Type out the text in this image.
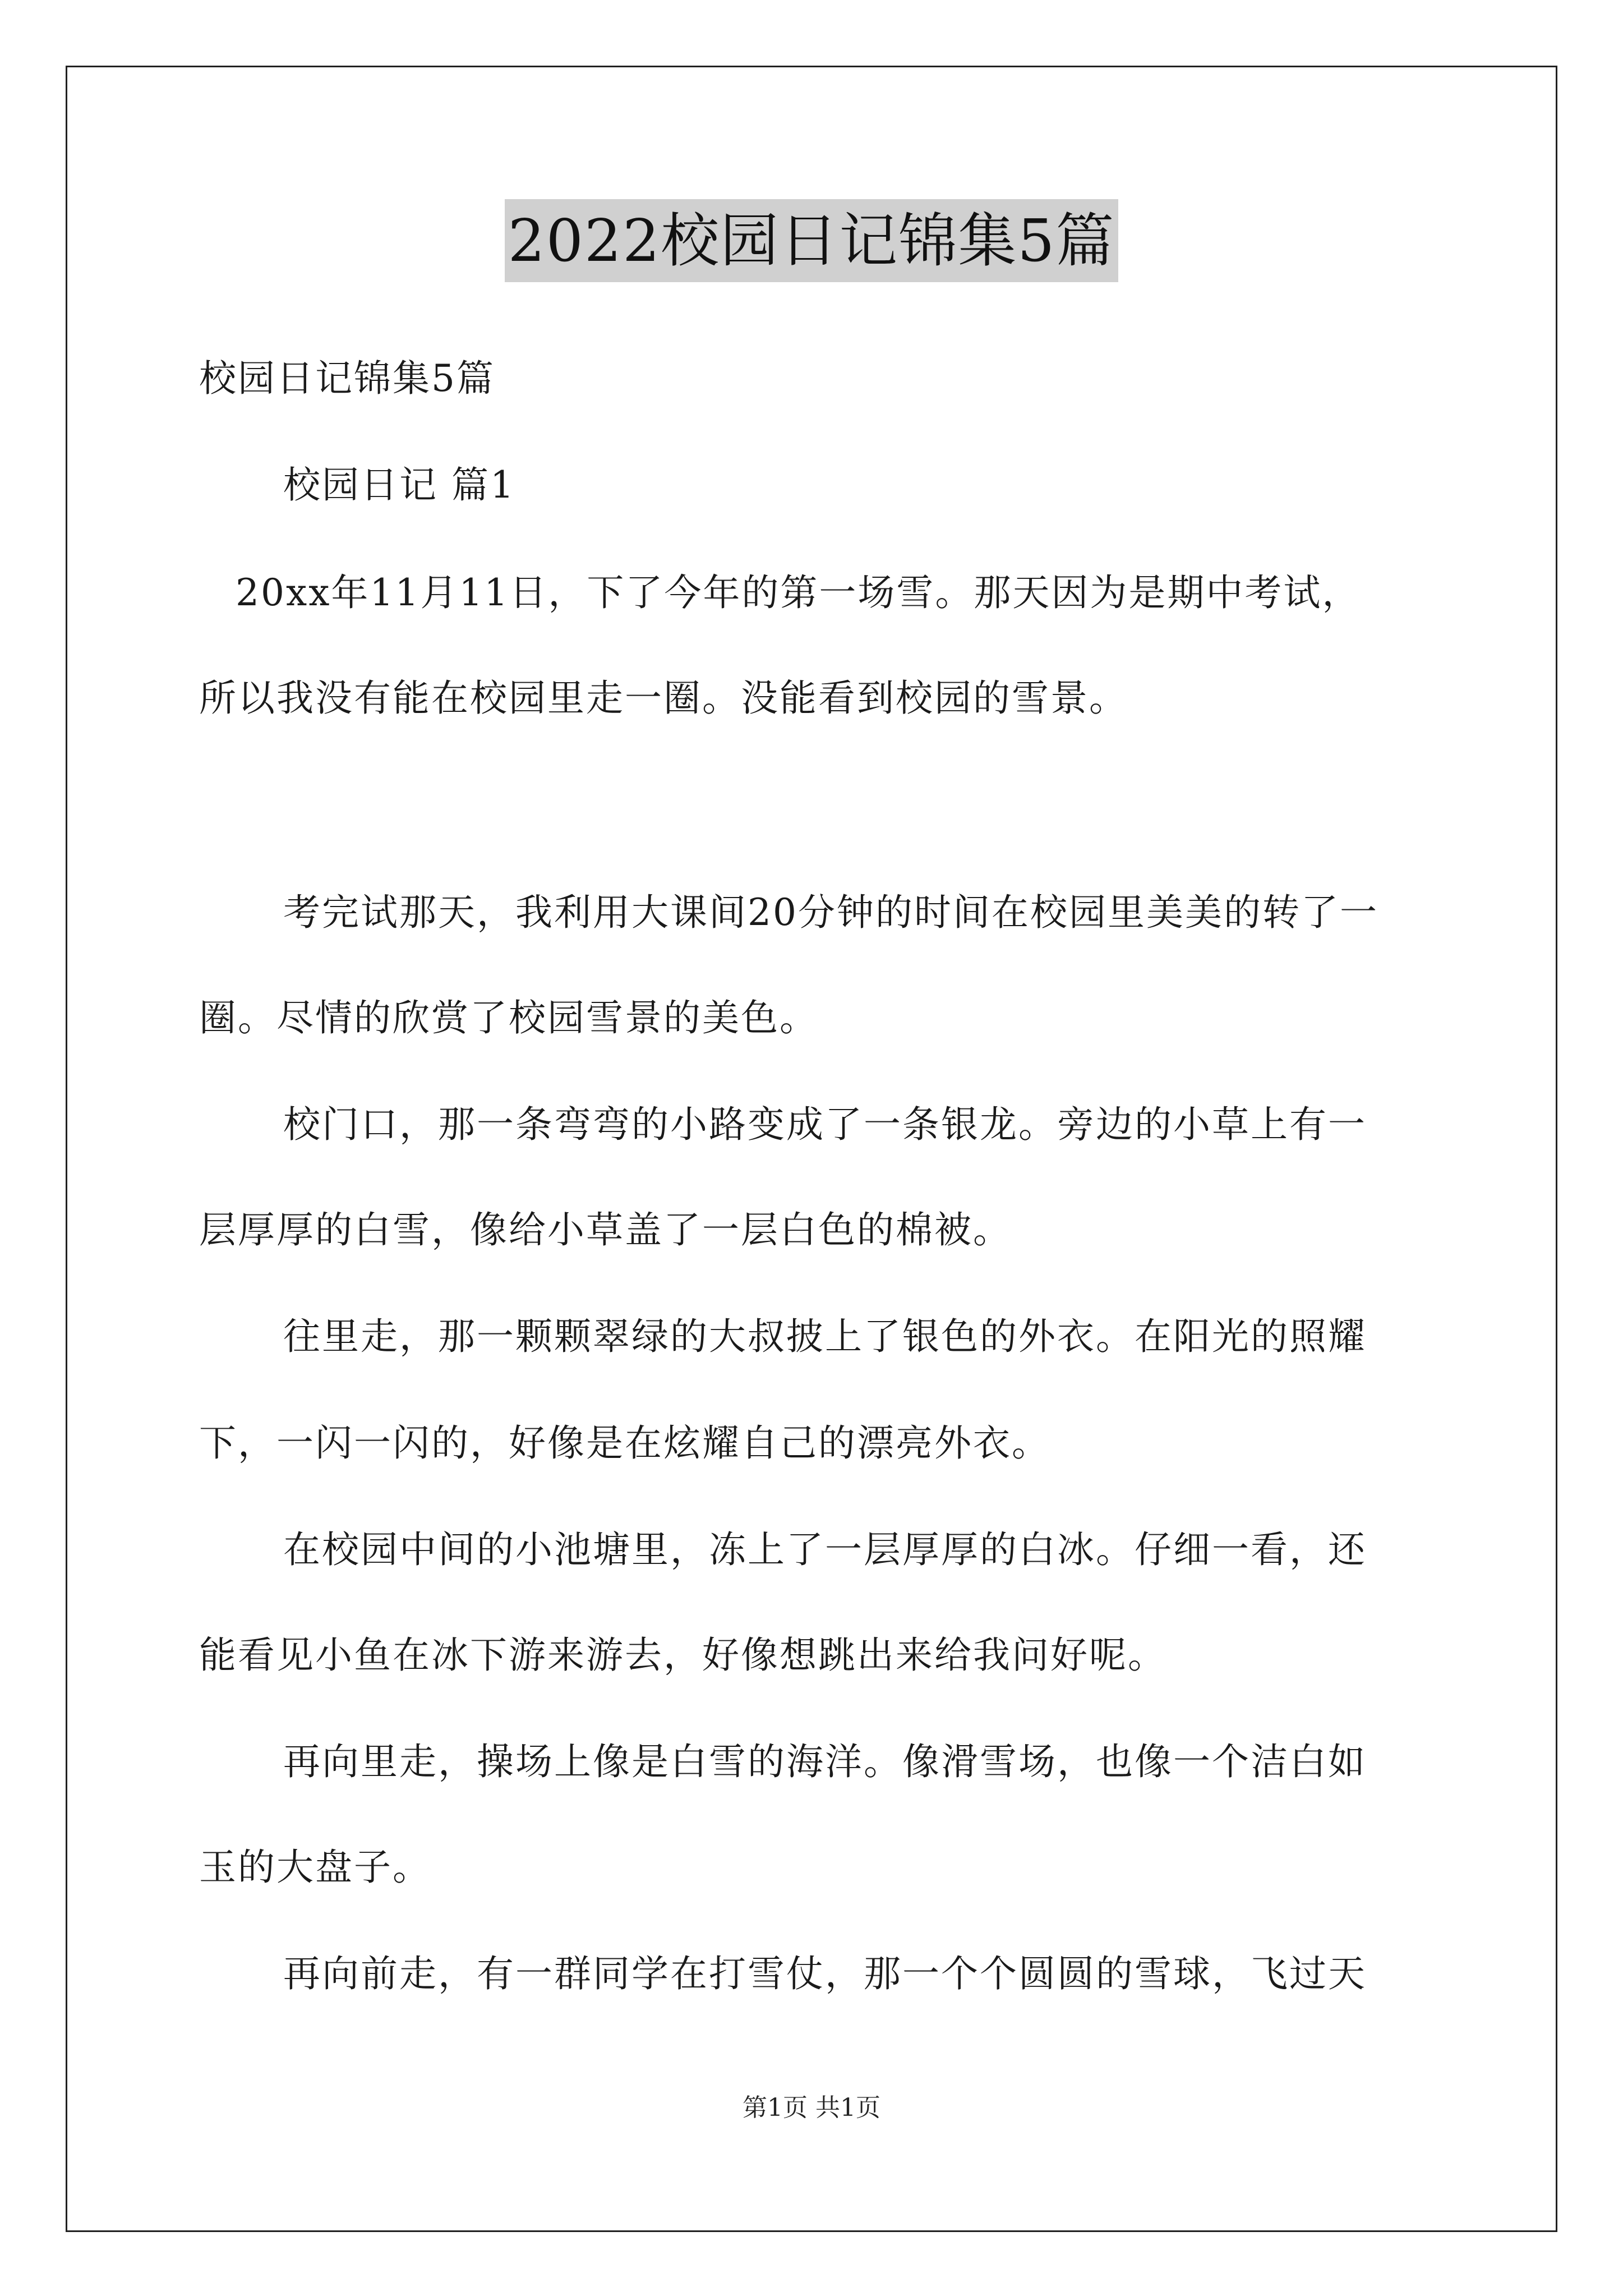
2022校园日记锦集5篇
校园日记锦集5篇
校园日记 篇1
20xx年11月11日，下了今年的第一场雪。那天因为是期中考试，
所以我没有能在校园里走一圈。没能看到校园的雪景。
考完试那天，我利用大课间20分钟的时间在校园里美美的转了一
圈。尽情的欣赏了校园雪景的美色。
校门口，那一条弯弯的小路变成了一条银龙。旁边的小草上有一
层厚厚的白雪，像给小草盖了一层白色的棉被。
往里走，那一颗颗翠绿的大叔披上了银色的外衣。在阳光的照耀
下，一闪一闪的，好像是在炫耀自己的漂亮外衣。
在校园中间的小池塘里，冻上了一层厚厚的白冰。仔细一看，还
能看见小鱼在冰下游来游去，好像想跳出来给我问好呢。
再向里走，操场上像是白雪的海洋。像滑雪场，也像一个洁白如
玉的大盘子。
再向前走，有一群同学在打雪仗，那一个个圆圆的雪球，飞过天
第1页 共1页
